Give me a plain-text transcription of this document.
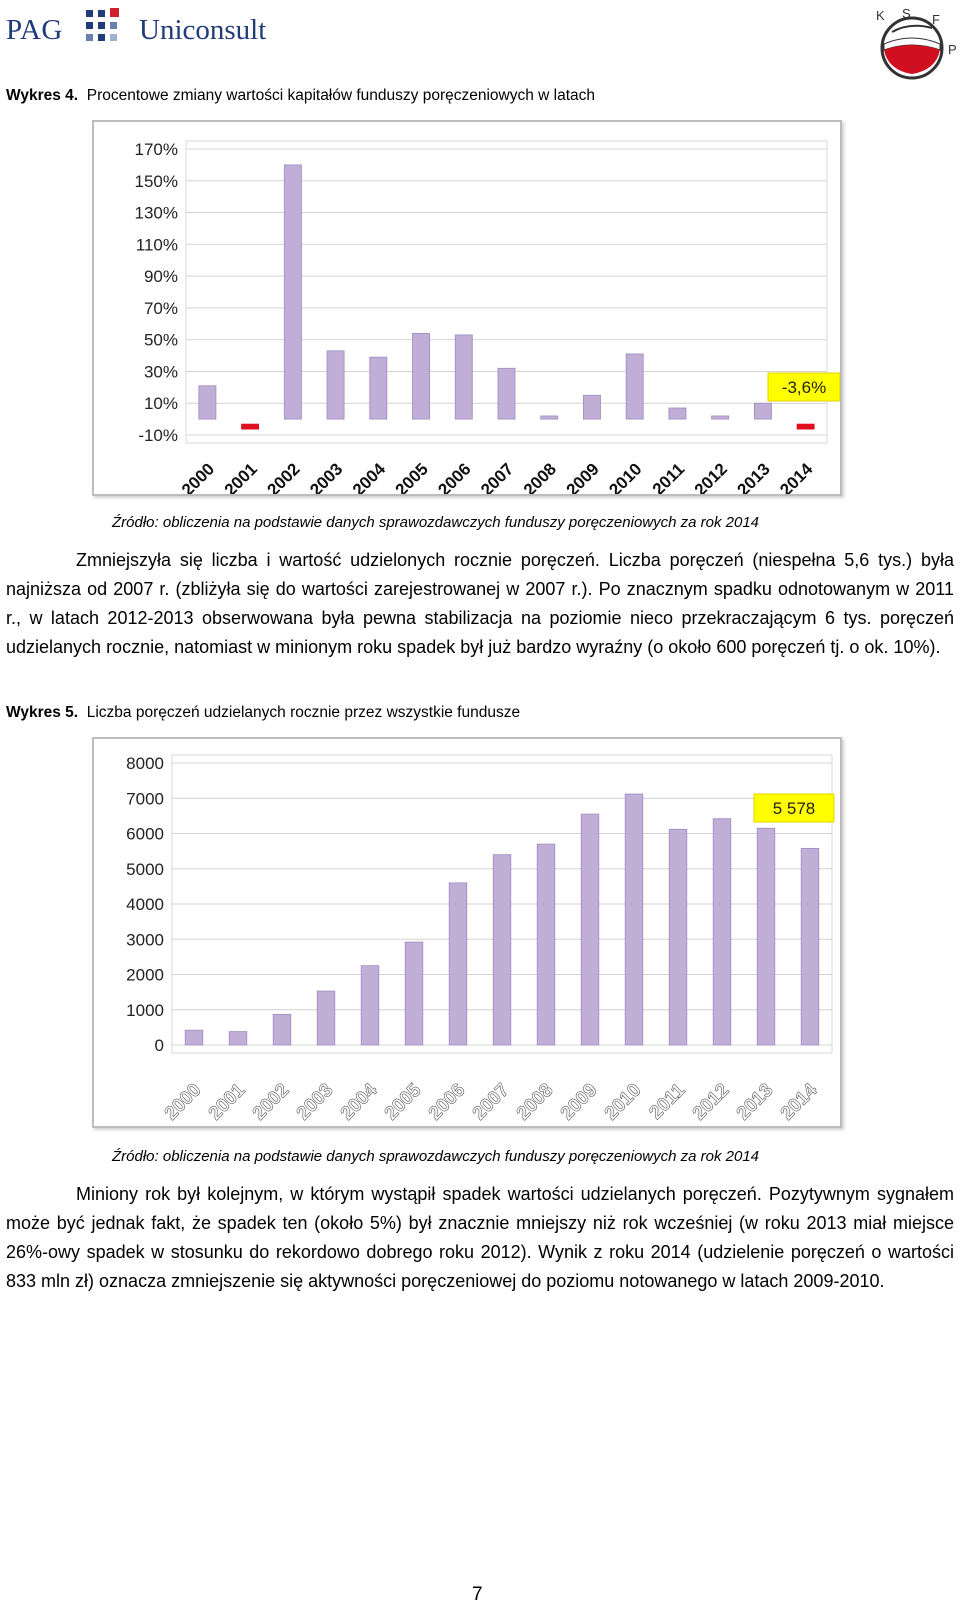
PAG	Uniconsult	K S F
P
Wykres 4. Procentowe zmiany wartości kapitałów funduszy poręczeniowych w latach
170%
150%
130%
110%
90%
70%
50%
30%
10%
-10%
2000 2001 2002 2003 2004 2005 2006 2007 2008 2009 2010 2011 2012 2013 2014
-3,6%
Źródło: obliczenia na podstawie danych sprawozdawczych funduszy poręczeniowych za rok 2014
Zmniejszyła się liczba i wartość udzielonych rocznie poręczeń. Liczba poręczeń (niespełna 5,6 tys.) była najniższa od 2007 r. (zbliżyła się do wartości zarejestrowanej w 2007 r.). Po znacznym spadku odnotowanym w 2011 r., w latach 2012-2013 obserwowana była pewna stabilizacja na poziomie nieco przekraczającym 6 tys. poręczeń udzielanych rocznie, natomiast w minionym roku spadek był już bardzo wyraźny (o około 600 poręczeń tj. o ok. 10%).
Wykres 5. Liczba poręczeń udzielanych rocznie przez wszystkie fundusze
8000
7000
6000
5000
4000
3000
2000
1000
0
2000 2001 2002 2003 2004 2005 2006 2007 2008 2009 2010 2011 2012 2013 2014
5 578
Źródło: obliczenia na podstawie danych sprawozdawczych funduszy poręczeniowych za rok 2014
Miniony rok był kolejnym, w którym wystąpił spadek wartości udzielanych poręczeń. Pozytywnym sygnałem może być jednak fakt, że spadek ten (około 5%) był znacznie mniejszy niż rok wcześniej (w roku 2013 miał miejsce 26%-owy spadek w stosunku do rekordowo dobrego roku 2012). Wynik z roku 2014 (udzielenie poręczeń o wartości 833 mln zł) oznacza zmniejszenie się aktywności poręczeniowej do poziomu notowanego w latach 2009-2010.
7
